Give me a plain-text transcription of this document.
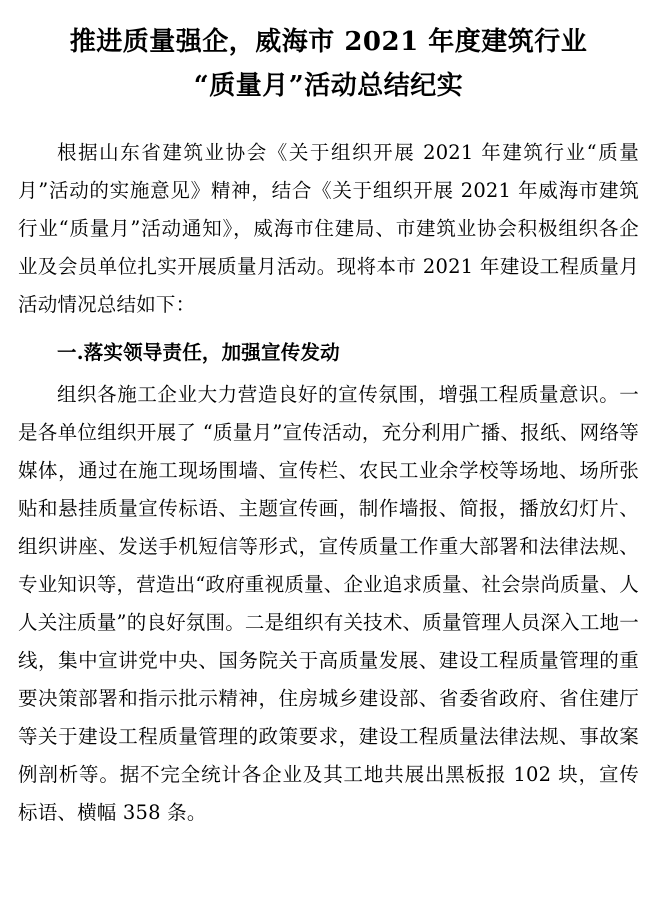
推进质量强企，威海市 2021 年度建筑行业
“质量月”活动总结纪实

根据山东省建筑业协会《关于组织开展 2021 年建筑行业“质量月”活动的实施意见》精神，结合《关于组织开展 2021 年威海市建筑行业“质量月”活动通知》，威海市住建局、市建筑业协会积极组织各企业及会员单位扎实开展质量月活动。现将本市 2021 年建设工程质量月活动情况总结如下：

一.落实领导责任，加强宣传发动

组织各施工企业大力营造良好的宣传氛围，增强工程质量意识。一是各单位组织开展了 “质量月”宣传活动，充分利用广播、报纸、网络等媒体，通过在施工现场围墙、宣传栏、农民工业余学校等场地、场所张贴和悬挂质量宣传标语、主题宣传画，制作墙报、简报，播放幻灯片、组织讲座、发送手机短信等形式，宣传质量工作重大部署和法律法规、专业知识等，营造出“政府重视质量、企业追求质量、社会崇尚质量、人人关注质量”的良好氛围。二是组织有关技术、质量管理人员深入工地一线，集中宣讲党中央、国务院关于高质量发展、建设工程质量管理的重要决策部署和指示批示精神，住房城乡建设部、省委省政府、省住建厅等关于建设工程质量管理的政策要求，建设工程质量法律法规、事故案例剖析等。据不完全统计各企业及其工地共展出黑板报 102 块，宣传标语、横幅 358 条。
